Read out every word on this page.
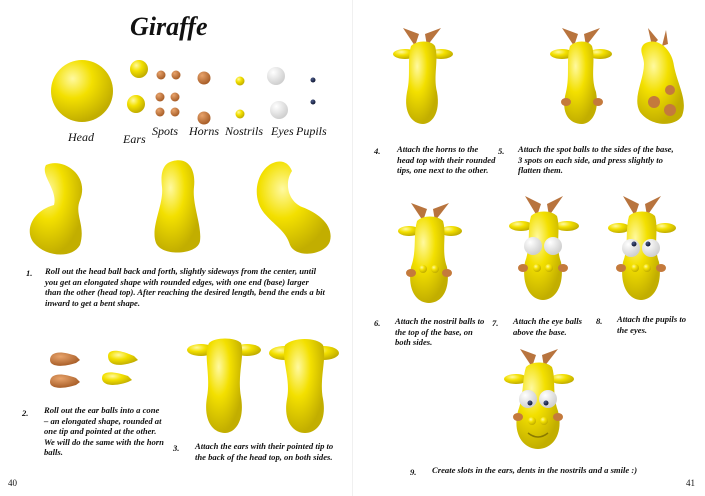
Giraffe
Head Ears
Spots Horns Nostrils Eyes Pupils
1. Roll out the head ball back and forth, slightly sideways from the center, until you get an elongated shape with rounded edges, with one end (base) larger than the other (head top). After reaching the desired length, bend the ends a bit inward to get a bent shape.
2. Roll out the ear balls into a cone – an elongated shape, rounded at one tip and pointed at the other. We will do the same with the horn balls.	3. Attach the ears with their pointed tip to the back of the head top, on both sides.
40
4. Attach the horns to the head top with their rounded tips, one next to the other.
5. Attach the spot balls to the sides of the base, 3 spots on each side, and press slightly to flatten them.
6. Attach the nostril balls to the top of the base, on both sides.
7. Attach the eye balls above the base.
8. Attach the pupils to the eyes.
9. Create slots in the ears, dents in the nostrils and a smile :)
41
